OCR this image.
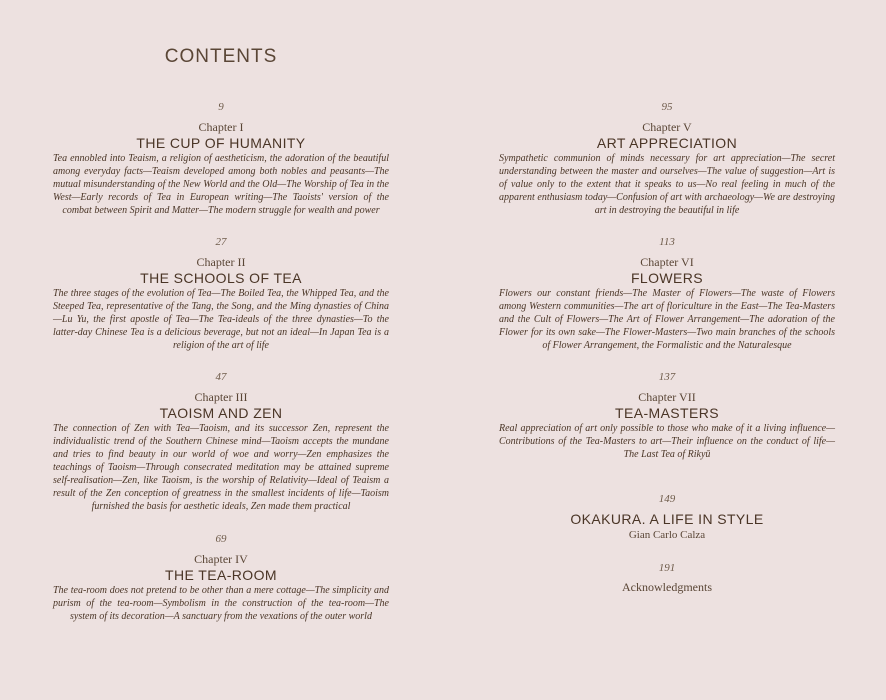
CONTENTS
9
Chapter I
THE CUP OF HUMANITY
Tea ennobled into Teaism, a religion of aestheticism, the adoration of the beautiful among everyday facts—Teaism developed among both nobles and peasants—The mutual misunderstanding of the New World and the Old—The Worship of Tea in the West—Early records of Tea in European writing—The Taoists' version of the combat between Spirit and Matter—The modern struggle for wealth and power
27
Chapter II
THE SCHOOLS OF TEA
The three stages of the evolution of Tea—The Boiled Tea, the Whipped Tea, and the Steeped Tea, representative of the Tang, the Song, and the Ming dynasties of China—Lu Yu, the first apostle of Tea—The Tea-ideals of the three dynasties—To the latter-day Chinese Tea is a delicious beverage, but not an ideal—In Japan Tea is a religion of the art of life
47
Chapter III
TAOISM AND ZEN
The connection of Zen with Tea—Taoism, and its successor Zen, represent the individualistic trend of the Southern Chinese mind—Taoism accepts the mundane and tries to find beauty in our world of woe and worry—Zen emphasizes the teachings of Taoism—Through consecrated meditation may be attained supreme self-realisation—Zen, like Taoism, is the worship of Relativity—Ideal of Teaism a result of the Zen conception of greatness in the smallest incidents of life—Taoism furnished the basis for aesthetic ideals, Zen made them practical
69
Chapter IV
THE TEA-ROOM
The tea-room does not pretend to be other than a mere cottage—The simplicity and purism of the tea-room—Symbolism in the construction of the tea-room—The system of its decoration—A sanctuary from the vexations of the outer world
95
Chapter V
ART APPRECIATION
Sympathetic communion of minds necessary for art appreciation—The secret understanding between the master and ourselves—The value of suggestion—Art is of value only to the extent that it speaks to us—No real feeling in much of the apparent enthusiasm today—Confusion of art with archaeology—We are destroying art in destroying the beautiful in life
113
Chapter VI
FLOWERS
Flowers our constant friends—The Master of Flowers—The waste of Flowers among Western communities—The art of floriculture in the East—The Tea-Masters and the Cult of Flowers—The Art of Flower Arrangement—The adoration of the Flower for its own sake—The Flower-Masters—Two main branches of the schools of Flower Arrangement, the Formalistic and the Naturalesque
137
Chapter VII
TEA-MASTERS
Real appreciation of art only possible to those who make of it a living influence—Contributions of the Tea-Masters to art—Their influence on the conduct of life—The Last Tea of Rikyū
149
OKAKURA. A LIFE IN STYLE
Gian Carlo Calza
191
Acknowledgments
